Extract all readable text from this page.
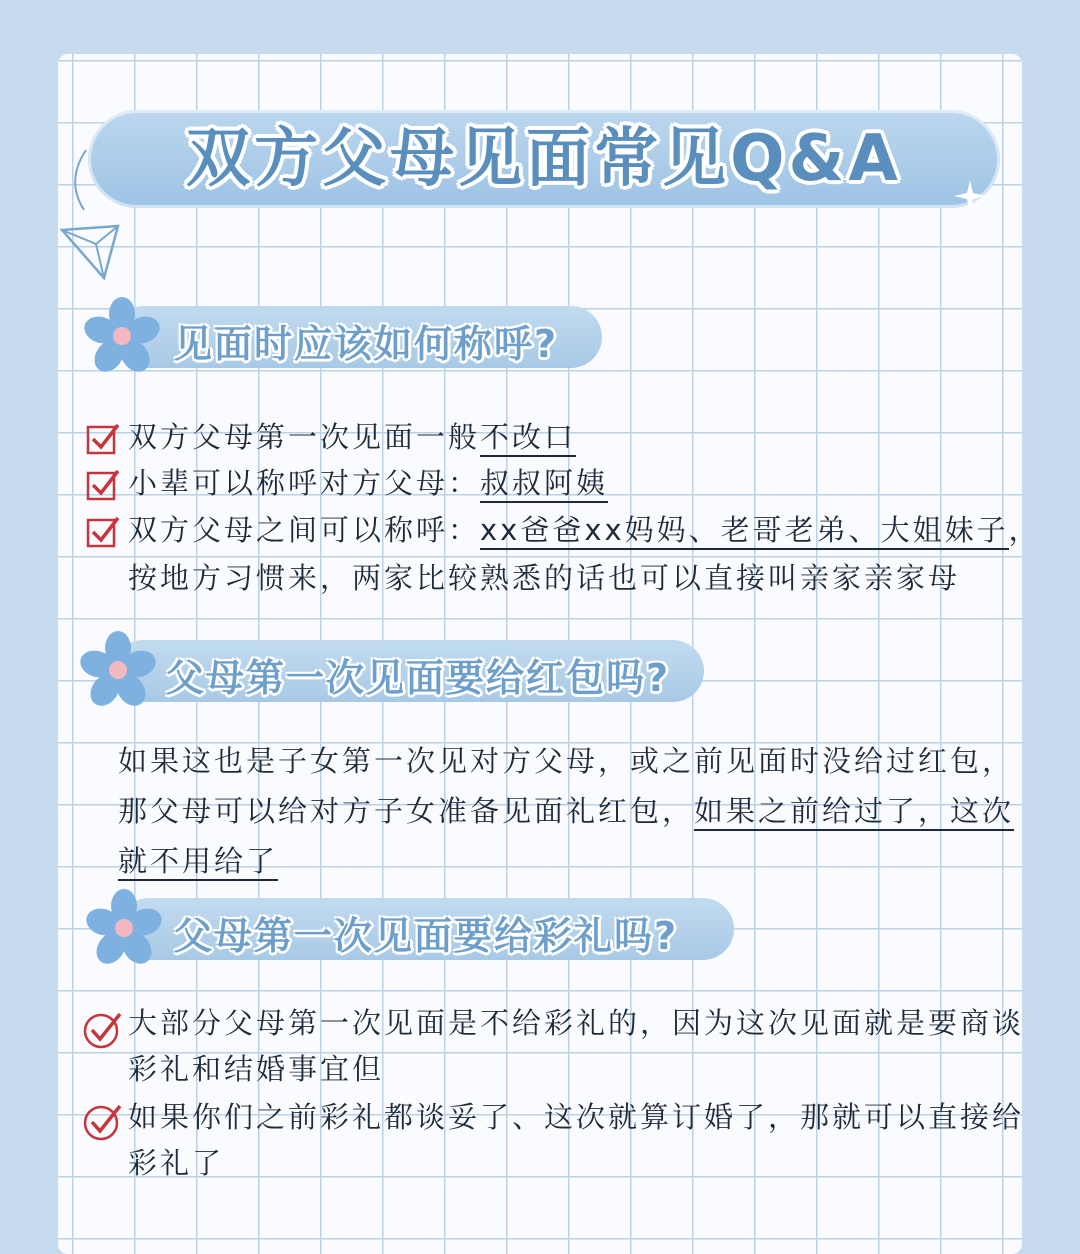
双方父母见面常见Q&A
见面时应该如何称呼?
双方父母第一次见面一般不改口
小辈可以称呼对方父母：叔叔阿姨
双方父母之间可以称呼：xx爸爸xx妈妈、老哥老弟、大姐妹子，
按地方习惯来，两家比较熟悉的话也可以直接叫亲家亲家母
父母第一次见面要给红包吗?
如果这也是子女第一次见对方父母，或之前见面时没给过红包，
那父母可以给对方子女准备见面礼红包，如果之前给过了，这次
就不用给了
父母第一次见面要给彩礼吗?
大部分父母第一次见面是不给彩礼的，因为这次见面就是要商谈
彩礼和结婚事宜但
如果你们之前彩礼都谈妥了、这次就算订婚了，那就可以直接给
彩礼了
